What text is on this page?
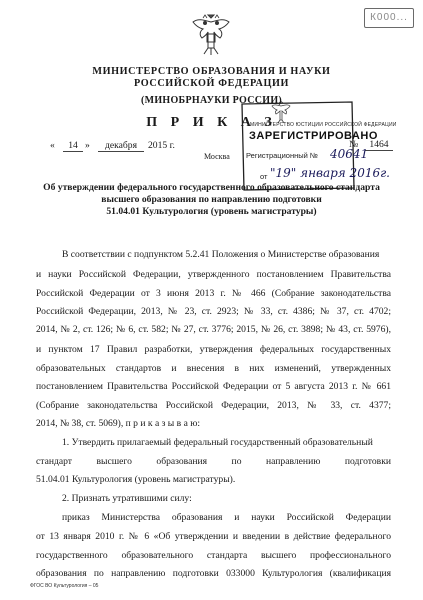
К000...
МИНИСТЕРСТВО ОБРАЗОВАНИЯ И НАУКИ
РОССИЙСКОЙ ФЕДЕРАЦИИ
(МИНОБРНАУКИ РОССИИ)
П Р И К А З
«	14 »	декабря	2015 г.
Москва
№	1464
МИНИСТЕРСТВО ЮСТИЦИИ РОССИЙСКОЙ ФЕДЕРАЦИИ
ЗАРЕГИСТРИРОВАНО
Регистрационный № 40641
от "19" января 2016г.
Об утверждении федерального государственного образовательного стандарта
высшего образования по направлению подготовки
51.04.01 Культурология (уровень магистратуры)
В соответствии с подпунктом 5.2.41 Положения о Министерстве образования
и науки Российской Федерации, утвержденного постановлением Правительства
Российской Федерации от 3 июня 2013 г. № 466 (Собрание законодательства
Российской Федерации, 2013, № 23, ст. 2923; № 33, ст. 4386; № 37, ст. 4702;
2014, № 2, ст. 126; № 6, ст. 582; № 27, ст. 3776; 2015, № 26, ст. 3898; № 43, ст. 5976),
и пунктом 17 Правил разработки, утверждения федеральных государственных
образовательных стандартов и внесения в них изменений, утвержденных
постановлением Правительства Российской Федерации от 5 августа 2013 г. № 661
(Собрание законодательства Российской Федерации, 2013, № 33, ст. 4377;
2014, № 38, ст. 5069), п р и к а з ы в а ю:
1. Утвердить прилагаемый федеральный государственный образовательный
стандарт высшего образования по направлению подготовки
51.04.01 Культурология (уровень магистратуры).
2. Признать утратившими силу:
приказ Министерства образования и науки Российской Федерации
от 13 января 2010 г. № 6 «Об утверждении и введении в действие федерального
государственного образовательного стандарта высшего профессионального
образования по направлению подготовки 033000 Культурология (квалификация
ФГОС ВО Культурология – 05
